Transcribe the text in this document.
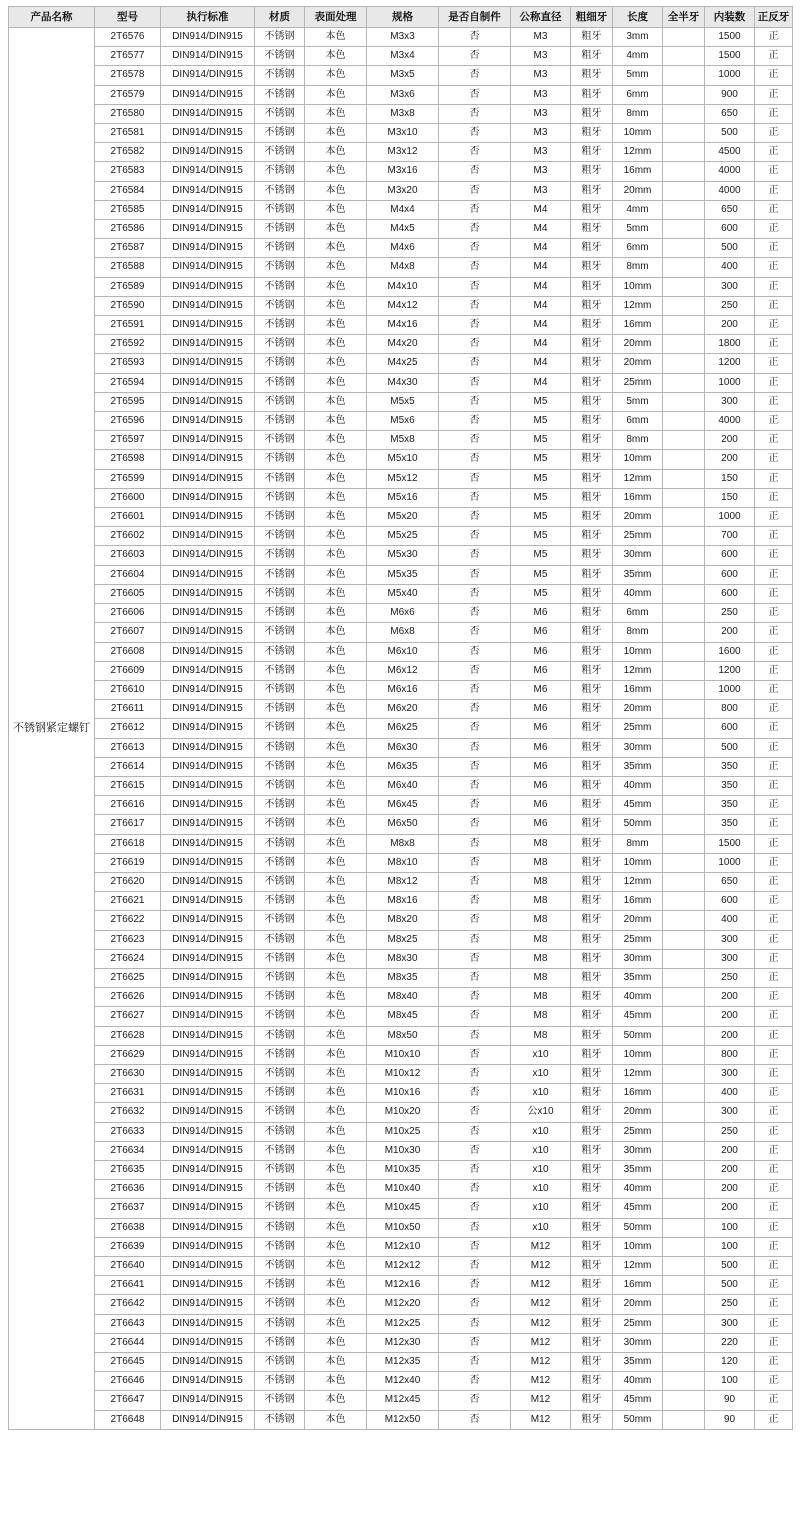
产品名称	型号	执行标准	材质	表面处理	规格	是否自制件	公称直径	粗细牙	长度	全半牙	内装数	正反牙
不锈钢紧定螺钉	2T6576	DIN914/DIN915	不锈钢	本色	M3x3	否	M3	粗牙	3mm		1500	正
	2T6577	DIN914/DIN915	不锈钢	本色	M3x4	否	M3	粗牙	4mm		1500	正
	2T6578	DIN914/DIN915	不锈钢	本色	M3x5	否	M3	粗牙	5mm		1000	正
	2T6579	DIN914/DIN915	不锈钢	本色	M3x6	否	M3	粗牙	6mm		900	正
	2T6580	DIN914/DIN915	不锈钢	本色	M3x8	否	M3	粗牙	8mm		650	正
	2T6581	DIN914/DIN915	不锈钢	本色	M3x10	否	M3	粗牙	10mm		500	正
	2T6582	DIN914/DIN915	不锈钢	本色	M3x12	否	M3	粗牙	12mm		4500	正
	2T6583	DIN914/DIN915	不锈钢	本色	M3x16	否	M3	粗牙	16mm		4000	正
	2T6584	DIN914/DIN915	不锈钢	本色	M3x20	否	M3	粗牙	20mm		4000	正
	2T6585	DIN914/DIN915	不锈钢	本色	M4x4	否	M4	粗牙	4mm		650	正
	2T6586	DIN914/DIN915	不锈钢	本色	M4x5	否	M4	粗牙	5mm		600	正
	2T6587	DIN914/DIN915	不锈钢	本色	M4x6	否	M4	粗牙	6mm		500	正
	2T6588	DIN914/DIN915	不锈钢	本色	M4x8	否	M4	粗牙	8mm		400	正
	2T6589	DIN914/DIN915	不锈钢	本色	M4x10	否	M4	粗牙	10mm		300	正
	2T6590	DIN914/DIN915	不锈钢	本色	M4x12	否	M4	粗牙	12mm		250	正
	2T6591	DIN914/DIN915	不锈钢	本色	M4x16	否	M4	粗牙	16mm		200	正
	2T6592	DIN914/DIN915	不锈钢	本色	M4x20	否	M4	粗牙	20mm		1800	正
	2T6593	DIN914/DIN915	不锈钢	本色	M4x25	否	M4	粗牙	20mm		1200	正
	2T6594	DIN914/DIN915	不锈钢	本色	M4x30	否	M4	粗牙	25mm		1000	正
	2T6595	DIN914/DIN915	不锈钢	本色	M5x5	否	M5	粗牙	5mm		300	正
	2T6596	DIN914/DIN915	不锈钢	本色	M5x6	否	M5	粗牙	6mm		4000	正
	2T6597	DIN914/DIN915	不锈钢	本色	M5x8	否	M5	粗牙	8mm		200	正
	2T6598	DIN914/DIN915	不锈钢	本色	M5x10	否	M5	粗牙	10mm		200	正
	2T6599	DIN914/DIN915	不锈钢	本色	M5x12	否	M5	粗牙	12mm		150	正
	2T6600	DIN914/DIN915	不锈钢	本色	M5x16	否	M5	粗牙	16mm		150	正
	2T6601	DIN914/DIN915	不锈钢	本色	M5x20	否	M5	粗牙	20mm		1000	正
	2T6602	DIN914/DIN915	不锈钢	本色	M5x25	否	M5	粗牙	25mm		700	正
	2T6603	DIN914/DIN915	不锈钢	本色	M5x30	否	M5	粗牙	30mm		600	正
	2T6604	DIN914/DIN915	不锈钢	本色	M5x35	否	M5	粗牙	35mm		600	正
	2T6605	DIN914/DIN915	不锈钢	本色	M5x40	否	M5	粗牙	40mm		600	正
	2T6606	DIN914/DIN915	不锈钢	本色	M6x6	否	M6	粗牙	6mm		250	正
	2T6607	DIN914/DIN915	不锈钢	本色	M6x8	否	M6	粗牙	8mm		200	正
	2T6608	DIN914/DIN915	不锈钢	本色	M6x10	否	M6	粗牙	10mm		1600	正
	2T6609	DIN914/DIN915	不锈钢	本色	M6x12	否	M6	粗牙	12mm		1200	正
	2T6610	DIN914/DIN915	不锈钢	本色	M6x16	否	M6	粗牙	16mm		1000	正
	2T6611	DIN914/DIN915	不锈钢	本色	M6x20	否	M6	粗牙	20mm		800	正
	2T6612	DIN914/DIN915	不锈钢	本色	M6x25	否	M6	粗牙	25mm		600	正
	2T6613	DIN914/DIN915	不锈钢	本色	M6x30	否	M6	粗牙	30mm		500	正
	2T6614	DIN914/DIN915	不锈钢	本色	M6x35	否	M6	粗牙	35mm		350	正
	2T6615	DIN914/DIN915	不锈钢	本色	M6x40	否	M6	粗牙	40mm		350	正
	2T6616	DIN914/DIN915	不锈钢	本色	M6x45	否	M6	粗牙	45mm		350	正
	2T6617	DIN914/DIN915	不锈钢	本色	M6x50	否	M6	粗牙	50mm		350	正
	2T6618	DIN914/DIN915	不锈钢	本色	M8x8	否	M8	粗牙	8mm		1500	正
	2T6619	DIN914/DIN915	不锈钢	本色	M8x10	否	M8	粗牙	10mm		1000	正
	2T6620	DIN914/DIN915	不锈钢	本色	M8x12	否	M8	粗牙	12mm		650	正
	2T6621	DIN914/DIN915	不锈钢	本色	M8x16	否	M8	粗牙	16mm		600	正
	2T6622	DIN914/DIN915	不锈钢	本色	M8x20	否	M8	粗牙	20mm		400	正
	2T6623	DIN914/DIN915	不锈钢	本色	M8x25	否	M8	粗牙	25mm		300	正
	2T6624	DIN914/DIN915	不锈钢	本色	M8x30	否	M8	粗牙	30mm		300	正
	2T6625	DIN914/DIN915	不锈钢	本色	M8x35	否	M8	粗牙	35mm		250	正
	2T6626	DIN914/DIN915	不锈钢	本色	M8x40	否	M8	粗牙	40mm		200	正
	2T6627	DIN914/DIN915	不锈钢	本色	M8x45	否	M8	粗牙	45mm		200	正
	2T6628	DIN914/DIN915	不锈钢	本色	M8x50	否	M8	粗牙	50mm		200	正
	2T6629	DIN914/DIN915	不锈钢	本色	M10x10	否	x10	粗牙	10mm		800	正
	2T6630	DIN914/DIN915	不锈钢	本色	M10x12	否	x10	粗牙	12mm		300	正
	2T6631	DIN914/DIN915	不锈钢	本色	M10x16	否	x10	粗牙	16mm		400	正
	2T6632	DIN914/DIN915	不锈钢	本色	M10x20	否	公x10	粗牙	20mm		300	正
	2T6633	DIN914/DIN915	不锈钢	本色	M10x25	否	x10	粗牙	25mm		250	正
	2T6634	DIN914/DIN915	不锈钢	本色	M10x30	否	x10	粗牙	30mm		200	正
	2T6635	DIN914/DIN915	不锈钢	本色	M10x35	否	x10	粗牙	35mm		200	正
	2T6636	DIN914/DIN915	不锈钢	本色	M10x40	否	x10	粗牙	40mm		200	正
	2T6637	DIN914/DIN915	不锈钢	本色	M10x45	否	x10	粗牙	45mm		200	正
	2T6638	DIN914/DIN915	不锈钢	本色	M10x50	否	x10	粗牙	50mm		100	正
	2T6639	DIN914/DIN915	不锈钢	本色	M12x10	否	M12	粗牙	10mm		100	正
	2T6640	DIN914/DIN915	不锈钢	本色	M12x12	否	M12	粗牙	12mm		500	正
	2T6641	DIN914/DIN915	不锈钢	本色	M12x16	否	M12	粗牙	16mm		500	正
	2T6642	DIN914/DIN915	不锈钢	本色	M12x20	否	M12	粗牙	20mm		250	正
	2T6643	DIN914/DIN915	不锈钢	本色	M12x25	否	M12	粗牙	25mm		300	正
	2T6644	DIN914/DIN915	不锈钢	本色	M12x30	否	M12	粗牙	30mm		220	正
	2T6645	DIN914/DIN915	不锈钢	本色	M12x35	否	M12	粗牙	35mm		120	正
	2T6646	DIN914/DIN915	不锈钢	本色	M12x40	否	M12	粗牙	40mm		100	正
	2T6647	DIN914/DIN915	不锈钢	本色	M12x45	否	M12	粗牙	45mm		90	正
	2T6648	DIN914/DIN915	不锈钢	本色	M12x50	否	M12	粗牙	50mm		90	正
